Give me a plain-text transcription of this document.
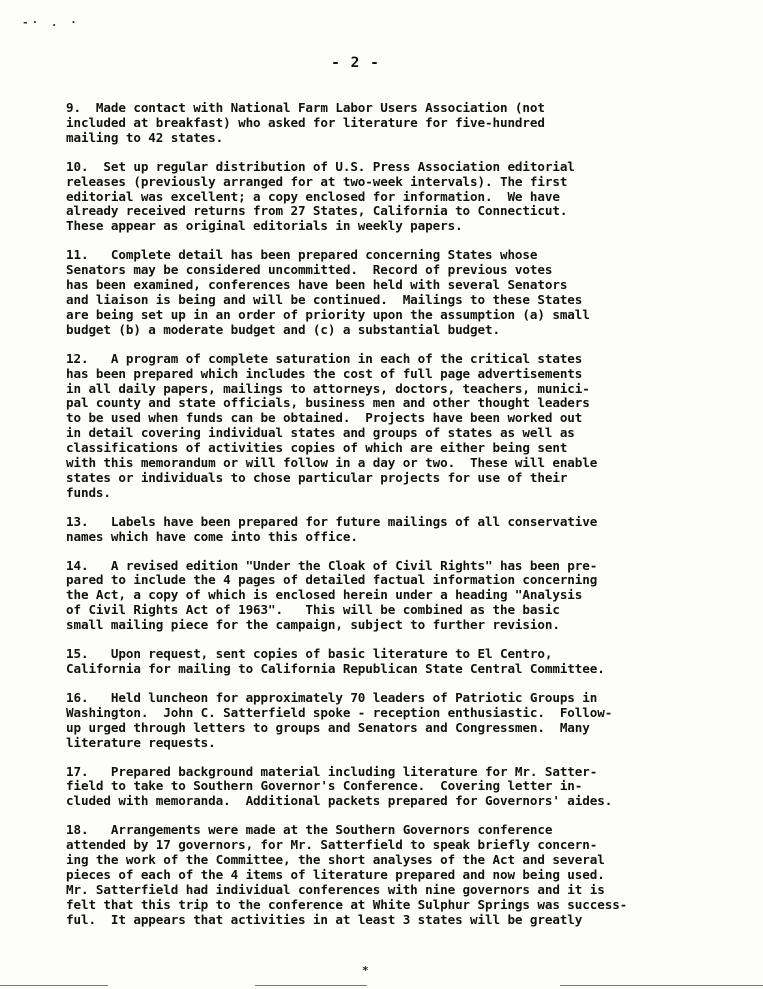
-· . ·
- 2 -

9.  Made contact with National Farm Labor Users Association (not
included at breakfast) who asked for literature for five-hundred
mailing to 42 states.

10.  Set up regular distribution of U.S. Press Association editorial
releases (previously arranged for at two-week intervals). The first
editorial was excellent; a copy enclosed for information.  We have
already received returns from 27 States, California to Connecticut.
These appear as original editorials in weekly papers.

11.   Complete detail has been prepared concerning States whose
Senators may be considered uncommitted.  Record of previous votes
has been examined, conferences have been held with several Senators
and liaison is being and will be continued.  Mailings to these States
are being set up in an order of priority upon the assumption (a) small
budget (b) a moderate budget and (c) a substantial budget.

12.   A program of complete saturation in each of the critical states
has been prepared which includes the cost of full page advertisements
in all daily papers, mailings to attorneys, doctors, teachers, munici-
pal county and state officials, business men and other thought leaders
to be used when funds can be obtained.  Projects have been worked out
in detail covering individual states and groups of states as well as
classifications of activities copies of which are either being sent
with this memorandum or will follow in a day or two.  These will enable
states or individuals to chose particular projects for use of their
funds.

13.   Labels have been prepared for future mailings of all conservative
names which have come into this office.

14.   A revised edition "Under the Cloak of Civil Rights" has been pre-
pared to include the 4 pages of detailed factual information concerning
the Act, a copy of which is enclosed herein under a heading "Analysis
of Civil Rights Act of 1963".   This will be combined as the basic
small mailing piece for the campaign, subject to further revision.

15.   Upon request, sent copies of basic literature to El Centro,
California for mailing to California Republican State Central Committee.

16.   Held luncheon for approximately 70 leaders of Patriotic Groups in
Washington.  John C. Satterfield spoke - reception enthusiastic.  Follow-
up urged through letters to groups and Senators and Congressmen.  Many
literature requests.

17.   Prepared background material including literature for Mr. Satter-
field to take to Southern Governor's Conference.  Covering letter in-
cluded with memoranda.  Additional packets prepared for Governors' aides.

18.   Arrangements were made at the Southern Governors conference
attended by 17 governors, for Mr. Satterfield to speak briefly concern-
ing the work of the Committee, the short analyses of the Act and several
pieces of each of the 4 items of literature prepared and now being used.
Mr. Satterfield had individual conferences with nine governors and it is
felt that this trip to the conference at White Sulphur Springs was success-
ful.  It appears that activities in at least 3 states will be greatly

*
